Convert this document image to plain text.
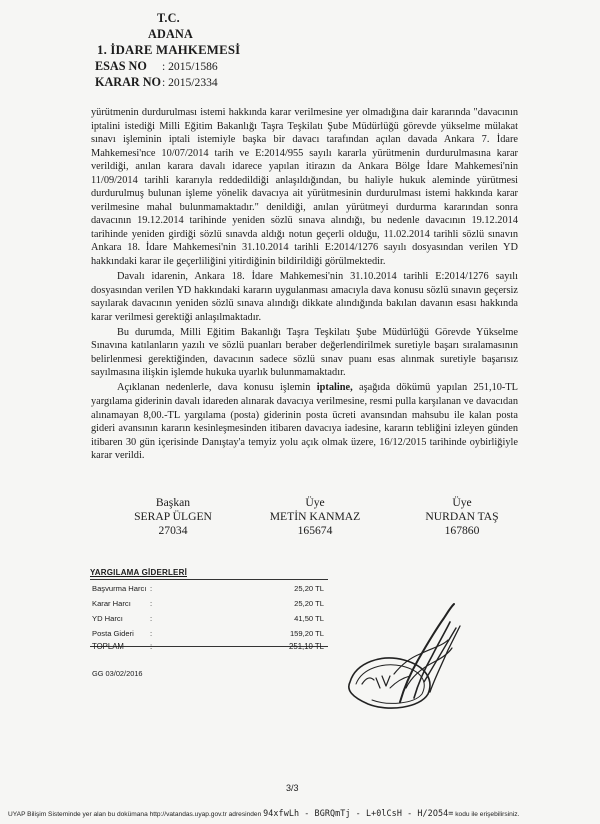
T.C.
ADANA
1. İDARE MAHKEMESİ
ESAS NO : 2015/1586
KARAR NO : 2015/2334

yürütmenin durdurulması istemi hakkında karar verilmesine yer olmadığına dair kararında "davacının iptalini istediği Milli Eğitim Bakanlığı Taşra Teşkilatı Şube Müdürlüğü görevde yükselme mülakat sınavı işleminin iptali istemiyle başka bir davacı tarafından açılan davada Ankara 7. İdare Mahkemesi'nce 10/07/2014 tarih ve E:2014/955 sayılı kararla yürütmenin durdurulmasına karar verildiği, anılan karara davalı idarece yapılan itirazın da Ankara Bölge İdare Mahkemesi'nin 11/09/2014 tarihli kararıyla reddedildiği anlaşıldığından, bu haliyle hukuk aleminde yürütmesi durdurulmuş bulunan işleme yönelik davacıya ait yürütmesinin durdurulması istemi hakkında karar verilmesine mahal bulunmamaktadır." denildiği, anılan yürütmeyi durdurma kararından sonra davacının 19.12.2014 tarihinde yeniden sözlü sınava alındığı, bu nedenle davacının 19.12.2014 tarihinde yeniden girdiği sözlü sınavda aldığı notun geçerli olduğu, 11.02.2014 tarihli sözlü sınavın Ankara 18. İdare Mahkemesi'nin 31.10.2014 tarihli E:2014/1276 sayılı dosyasından verilen YD hakkındaki karar ile geçerliliğini yitirdiğinin bildirildiği görülmektedir.

Davalı idarenin, Ankara 18. İdare Mahkemesi'nin 31.10.2014 tarihli E:2014/1276 sayılı dosyasından verilen YD hakkındaki kararın uygulanması amacıyla dava konusu sözlü sınavın geçersiz sayılarak davacının yeniden sözlü sınava alındığı dikkate alındığında bakılan davanın esası hakkında karar verilmesi gerektiği anlaşılmaktadır.

Bu durumda, Milli Eğitim Bakanlığı Taşra Teşkilatı Şube Müdürlüğü Görevde Yükselme Sınavına katılanların yazılı ve sözlü puanları beraber değerlendirilmek suretiyle başarı sıralamasının belirlenmesi gerektiğinden, davacının sadece sözlü sınav puanı esas alınmak suretiyle başarısız sayılmasına ilişkin işlemde hukuka uyarlık bulunmamaktadır.

Açıklanan nedenlerle, dava konusu işlemin iptaline, aşağıda dökümü yapılan 251,10-TL yargılama giderinin davalı idareden alınarak davacıya verilmesine, resmi pulla karşılanan ve davacıdan alınamayan 8,00.-TL yargılama (posta) giderinin posta ücreti avansından mahsubu ile kalan posta gideri avansının kararın kesinleşmesinden itibaren davacıya iadesine, kararın tebliğini izleyen günden itibaren 30 gün içerisinde Danıştay'a temyiz yolu açık olmak üzere, 16/12/2015 tarihinde oybirliğiyle karar verildi.

Başkan
SERAP ÜLGEN
27034
Üye
METİN KANMAZ
165674
Üye
NURDAN TAŞ
167860
YARGILAMA GİDERLERİ
Başvurma Harcı :	25,20 TL
Karar Harcı	:	25,20 TL
YD Harcı	:	41,50 TL
Posta Gideri :	159,20 TL
TOPLAM	:	251,10 TL
GG 03/02/2016
3/3
UYAP Bilişim Sisteminde yer alan bu dokümana http://vatandas.uyap.gov.tr adresinden 94xfwLh - BGRQmTj - L+0lCsH - H/2O54= kodu ile erişebilirsiniz.
